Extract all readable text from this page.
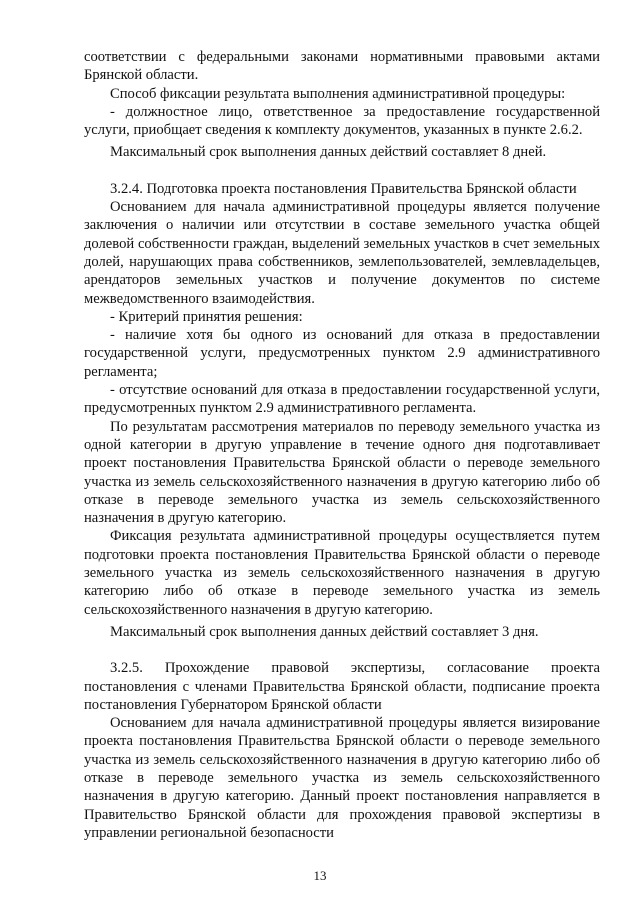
соответствии с федеральными законами нормативными правовыми актами Брянской области.

Способ фиксации результата выполнения административной процедуры:

- должностное лицо, ответственное за предоставление государственной услуги, приобщает сведения к комплекту документов, указанных в пункте 2.6.2.

Максимальный срок выполнения данных действий составляет 8 дней.

3.2.4. Подготовка проекта постановления Правительства Брянской области

Основанием для начала административной процедуры является получение заключения о наличии или отсутствии в составе земельного участка общей долевой собственности граждан, выделений земельных участков в счет земельных долей, нарушающих права собственников, землепользователей, землевладельцев, арендаторов земельных участков и получение документов по системе межведомственного взаимодействия.

- Критерий принятия решения:

- наличие хотя бы одного из оснований для отказа в предоставлении государственной услуги, предусмотренных пунктом 2.9 административного регламента;

- отсутствие оснований для отказа в предоставлении государственной услуги, предусмотренных пунктом 2.9 административного регламента.

По результатам рассмотрения материалов по переводу земельного участка из одной категории в другую управление в течение одного дня подготавливает проект постановления Правительства Брянской области о переводе земельного участка из земель сельскохозяйственного назначения в другую категорию либо об отказе в переводе земельного участка из земель сельскохозяйственного назначения в другую категорию.

Фиксация результата административной процедуры осуществляется путем подготовки проекта постановления Правительства Брянской области о переводе земельного участка из земель сельскохозяйственного назначения в другую категорию либо об отказе в переводе земельного участка из земель сельскохозяйственного назначения в другую категорию.

Максимальный срок выполнения данных действий составляет 3 дня.

3.2.5. Прохождение правовой экспертизы, согласование проекта постановления с членами Правительства Брянской области, подписание проекта постановления Губернатором Брянской области

Основанием для начала административной процедуры является визирование проекта постановления Правительства Брянской области о переводе земельного участка из земель сельскохозяйственного назначения в другую категорию либо об отказе в переводе земельного участка из земель сельскохозяйственного назначения в другую категорию. Данный проект постановления направляется в Правительство Брянской области для прохождения правовой экспертизы в управлении региональной безопасности

13
